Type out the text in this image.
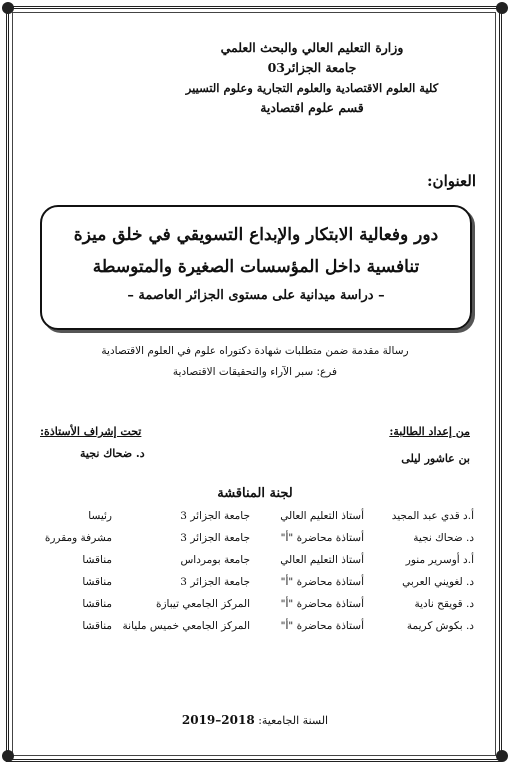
وزارة التعليم العالي والبحث العلمي
جامعة الجزائر03
كلية العلوم الاقتصادية والعلوم التجارية وعلوم التسيير
قسم علوم اقتصادية
العنوان:
دور وفعالية الابتكار والإبداع التسويقي في خلق ميزة
تنافسية داخل المؤسسات الصغيرة والمتوسطة
– دراسة ميدانية على مستوى الجزائر العاصمة –
رسالة مقدمة ضمن متطلبات شهادة دكتوراه علوم في العلوم الاقتصادية
فرع: سبر الآراء والتحقيقات الاقتصادية
من إعداد الطالبة:
بن عاشور ليلى
تحت إشراف الأستاذة:
د. ضحاك نجية
لجنة المناقشة
أ.د قدي عبد المجيد
أستاذ التعليم العالي
جامعة الجزائر 3
رئيسا
د. ضحاك نجية
أستاذة محاضرة "أ"
جامعة الجزائر 3
مشرفة ومقررة
أ.د أوسرير منور
أستاذ التعليم العالي
جامعة بومرداس
مناقشا
د. لغويني العربي
أستاذة محاضرة "أ"
جامعة الجزائر 3
مناقشا
د. قويقح نادية
أستاذة محاضرة "أ"
المركز الجامعي تيبازة
مناقشا
د. بكوش كريمة
أستاذة محاضرة "أ"
المركز الجامعي خميس مليانة
مناقشا
السنة الجامعية: 2018–2019
